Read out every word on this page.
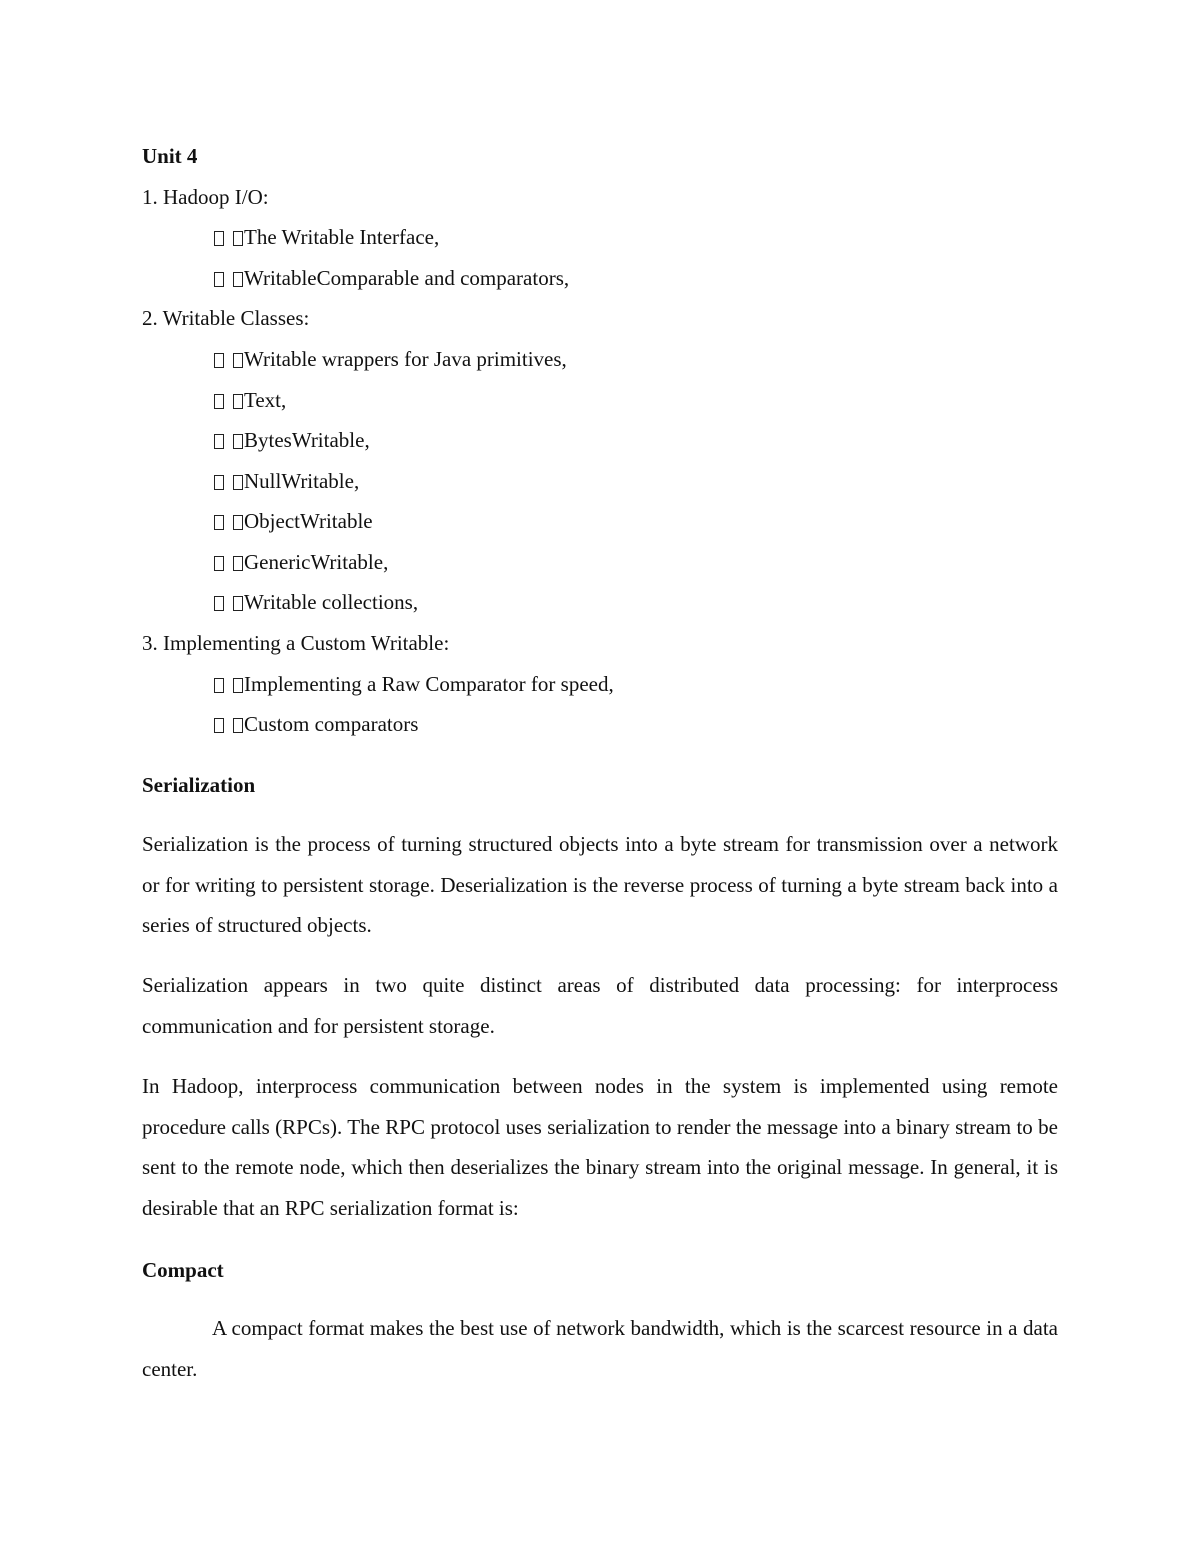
Unit 4
1. Hadoop I/O:
The Writable Interface,
WritableComparable and comparators,
2. Writable Classes:
Writable wrappers for Java primitives,
Text,
BytesWritable,
NullWritable,
ObjectWritable
GenericWritable,
Writable collections,
3. Implementing a Custom Writable:
Implementing a Raw Comparator for speed,
Custom comparators
Serialization
Serialization is the process of turning structured objects into a byte stream for transmission over a network or for writing to persistent storage. Deserialization is the reverse process of turning a byte stream back into a series of structured objects.
Serialization appears in two quite distinct areas of distributed data processing: for interprocess communication and for persistent storage.
In Hadoop, interprocess communication between nodes in the system is implemented using remote procedure calls (RPCs). The RPC protocol uses serialization to render the message into a binary stream to be sent to the remote node, which then deserializes the binary stream into the original message. In general, it is desirable that an RPC serialization format is:
Compact
A compact format makes the best use of network bandwidth, which is the scarcest resource in a data center.
